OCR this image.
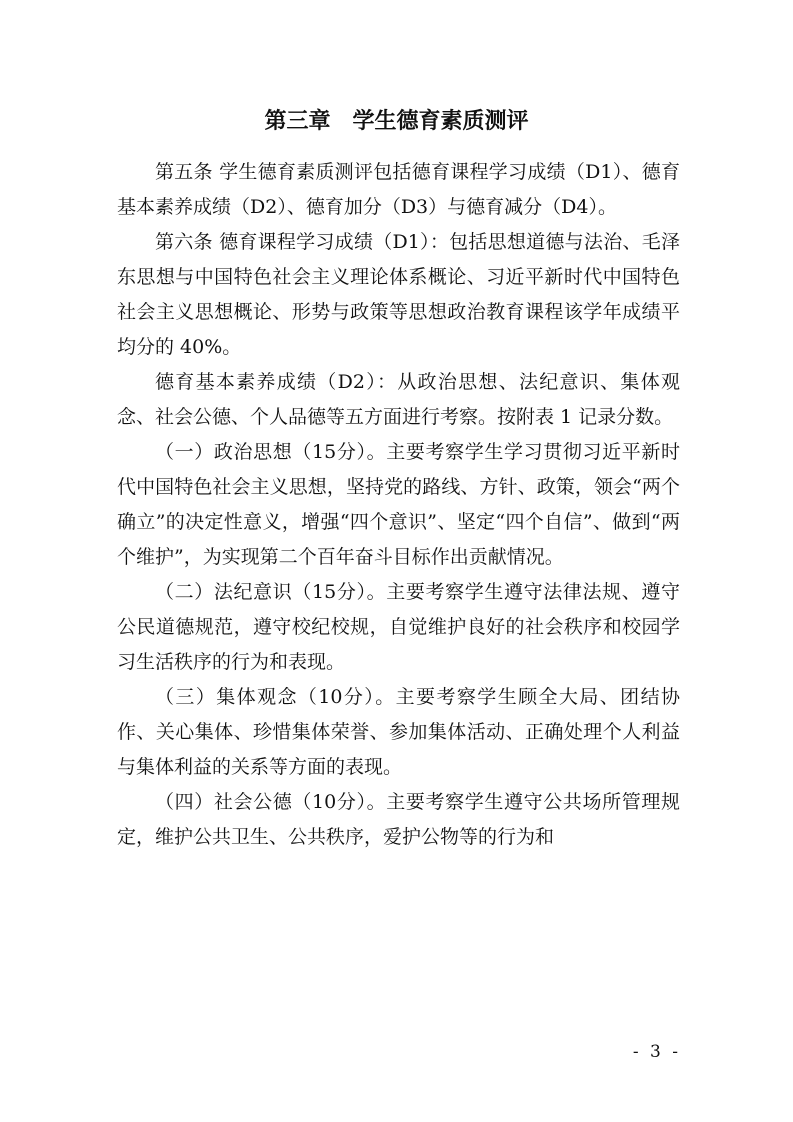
第三章　学生德育素质测评

第五条 学生德育素质测评包括德育课程学习成绩（D1）、德育基本素养成绩（D2）、德育加分（D3）与德育减分（D4）。

第六条 德育课程学习成绩（D1）：包括思想道德与法治、毛泽东思想与中国特色社会主义理论体系概论、习近平新时代中国特色社会主义思想概论、形势与政策等思想政治教育课程该学年成绩平均分的 40%。

德育基本素养成绩（D2）：从政治思想、法纪意识、集体观念、社会公德、个人品德等五方面进行考察。按附表 1 记录分数。

（一）政治思想（15分）。主要考察学生学习贯彻习近平新时代中国特色社会主义思想，坚持党的路线、方针、政策，领会“两个确立”的决定性意义，增强“四个意识”、坚定“四个自信”、做到“两个维护”，为实现第二个百年奋斗目标作出贡献情况。

（二）法纪意识（15分）。主要考察学生遵守法律法规、遵守公民道德规范，遵守校纪校规，自觉维护良好的社会秩序和校园学习生活秩序的行为和表现。

（三）集体观念（10分）。主要考察学生顾全大局、团结协作、关心集体、珍惜集体荣誉、参加集体活动、正确处理个人利益与集体利益的关系等方面的表现。

（四）社会公德（10分）。主要考察学生遵守公共场所管理规定，维护公共卫生、公共秩序，爱护公物等的行为和

- 3 -
